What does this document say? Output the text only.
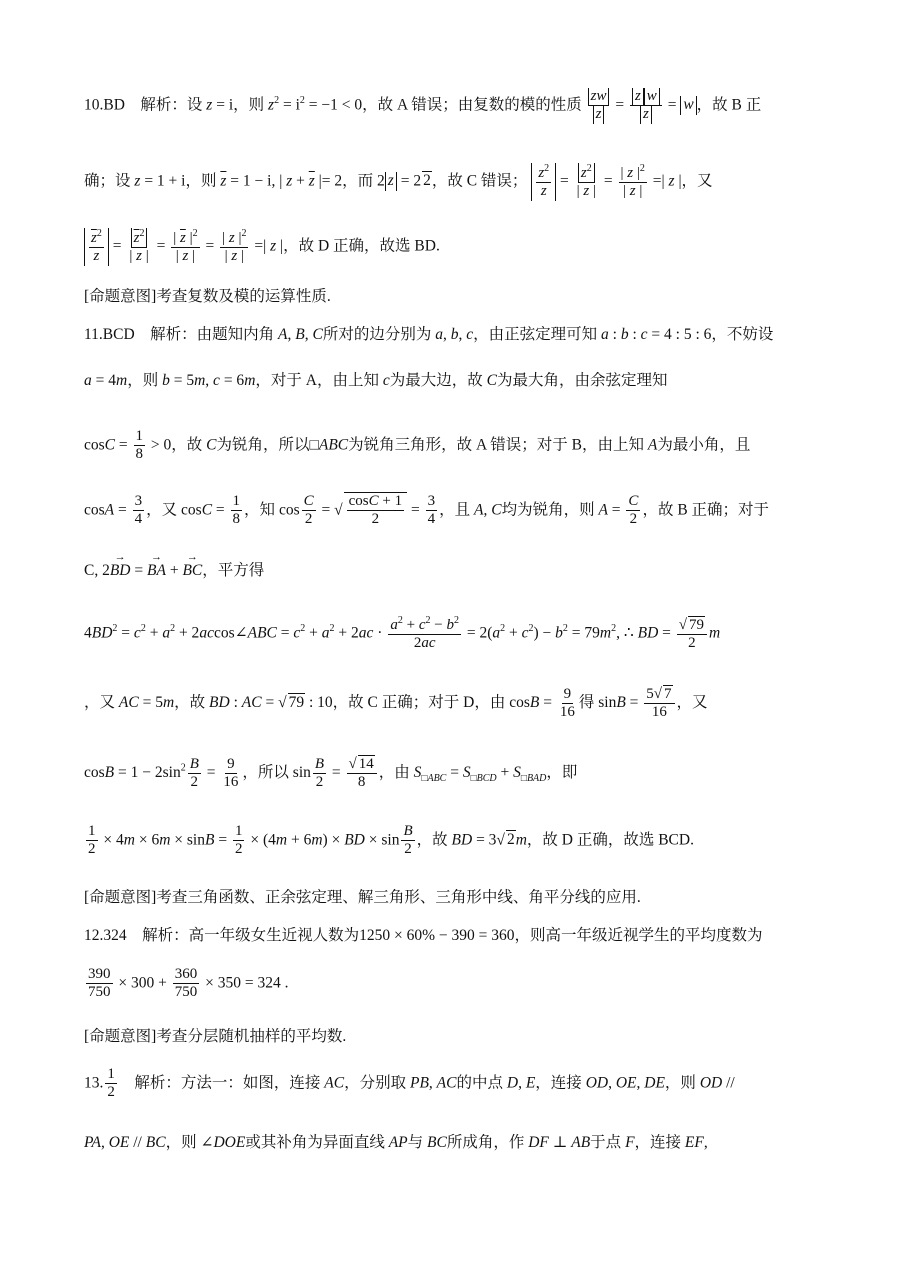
10.BD　解析：设 z = i，则 $z^2 = i^2 = -1 < 0$，故 A 错误；由复数的模的性质 $\frac{zw}{z} = \frac{\text{z w}}{z} = w$ ，故 B 正
确；设 z = 1 + i，则 $\overline{z} = 1 - i$, | $z + \overline{z}$ |= 2，而 2 z = 2 2，故 C 错误； $\frac{z^2}{z} = \frac{z^2}{| \overline{z} |} = \frac{| z |^2}{| z |}$ =| z |，又
$\frac{\overline{z}^2}{z} = \frac{\overline{z}^2}{| z |} = \frac{| \overline{z} |^2}{| z |} = \frac{| z |^2}{| z |}$ =| z |，故 D 正确，故选 BD.
[命题意图]考查复数及模的运算性质.
11.BCD　解析：由题知内角 A, B, C所对的边分别为 a, b, c，由正弦定理可知 a : b : c = 4 : 5 : 6，不妨设
a = 4m，则 b = 5m, c = 6m，对于 A，由上知 c为最大边，故 C为最大角，由余弦定理知
$\cos C = \frac{1}{8} > 0$，故 C为锐角，所以□ABC为锐角三角形，故 A 错误；对于 B，由上知 A为最小角，且
$\cos A = \frac{3}{4}$ ，又 $\cos C = \frac{1}{8}$ ，知 $\cos \frac{C}{2}$ = √ $\frac{\cos C + 1}{2} = \frac{3}{4}$ ，且 A, C均为锐角，则 $A = \frac{C}{2}$ ，故 B 正确；对于
C, 2→ BD = → BA + → BC，平方得
$4BD^2 = c^2 + a^2$ + 2accos∠ABC = $c^2 + a^2 + 2ac \cdot \frac{a^2 + c^2 - b^2}{2ac} = 2(a^2 + c^2) - b^2 = 79m^2$, ∴ BD = $\frac{√ 79}{2}$ m
，又 AC = 5m，故 BD : AC = √ 79 : 10，故 C 正确；对于 D，由 $\cos B = \frac{9}{16}$ 得 $\sin B = \frac{5√ 7}{16}$ ，又
$\cos B = 1 - 2\sin^2 \frac{B}{2} = \frac{9}{16}$ ，所以 $\sin \frac{B}{2} = \frac{√ 14}{8}$ ，由 $S_{□ABC} = S_{□BCD} + S_{□BAD}$，即
$\frac{1}{2} \times 4m \times 6m \times \sin B = \frac{1}{2} \times (4m + 6m)$ × BD × $\sin \frac{B}{2}$ ，故 BD = 3√ 2m，故 D 正确，故选 BCD.
[命题意图]考查三角函数、正余弦定理、解三角形、三角形中线、角平分线的应用.
12.324　解析：高一年级女生近视人数为1250 × 60% − 390 = 360，则高一年级近视学生的平均度数为
$\frac{390}{750} \times 300 + \frac{360}{750} \times 350 = 324$ .
[命题意图]考查分层随机抽样的平均数.
13. $\frac{1}{2}$
　 解析：方法一：如图，连接 AC，分别取 PB, AC的中点 D, E，连接 OD, OE, DE，则 OD //
PA, OE // BC，则 ∠DOE或其补角为异面直线 AP与 BC所成角，作 DF ⊥ AB于点 F，连接 EF,
